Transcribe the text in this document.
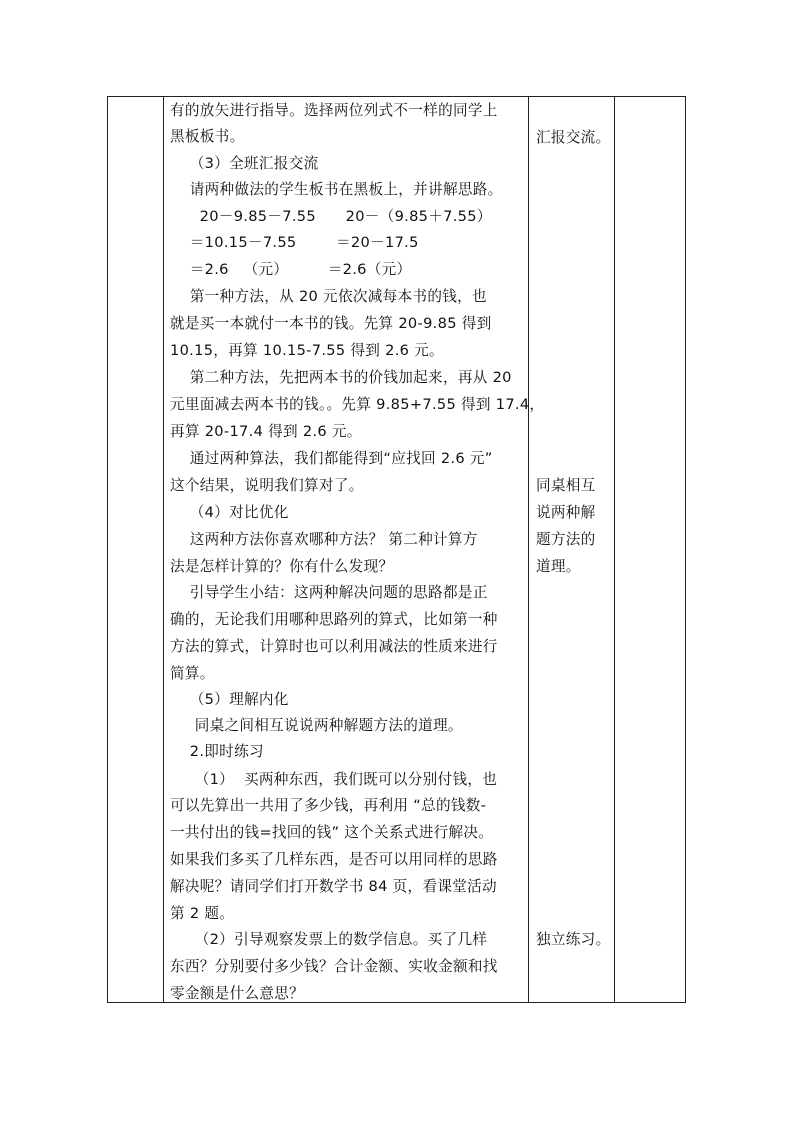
有的放矢进行指导。选择两位列式不一样的同学上
黑板板书。
（3）全班汇报交流
请两种做法的学生板书在黑板上，并讲解思路。
20－9.85－7.55      20－（9.85＋7.55）
＝10.15－7.55        ＝20－17.5
＝2.6   （元）        ＝2.6（元）
第一种方法，从 20 元依次减每本书的钱，也
就是买一本就付一本书的钱。先算 20-9.85 得到
10.15，再算 10.15-7.55 得到 2.6 元。
第二种方法，先把两本书的价钱加起来，再从 20
元里面减去两本书的钱。。先算 9.85+7.55 得到 17.4，
再算 20-17.4 得到 2.6 元。
通过两种算法，我们都能得到“应找回 2.6 元”
这个结果，说明我们算对了。
（4）对比优化
这两种方法你喜欢哪种方法？ 第二种计算方
法是怎样计算的？你有什么发现？
引导学生小结：这两种解决问题的思路都是正
确的，无论我们用哪种思路列的算式，比如第一种
方法的算式，计算时也可以利用减法的性质来进行
简算。
（5）理解内化
同桌之间相互说说两种解题方法的道理。
2.即时练习
（1）  买两种东西，我们既可以分别付钱，也
可以先算出一共用了多少钱，再利用 “总的钱数-
一共付出的钱=找回的钱” 这个关系式进行解决。
如果我们多买了几样东西，是否可以用同样的思路
解决呢？请同学们打开数学书 84 页，看课堂活动
第 2 题。
（2）引导观察发票上的数学信息。买了几样
东西？分别要付多少钱？合计金额、实收金额和找
零金额是什么意思？
汇报交流。
同桌相互
说两种解
题方法的
道理。
独立练习。
